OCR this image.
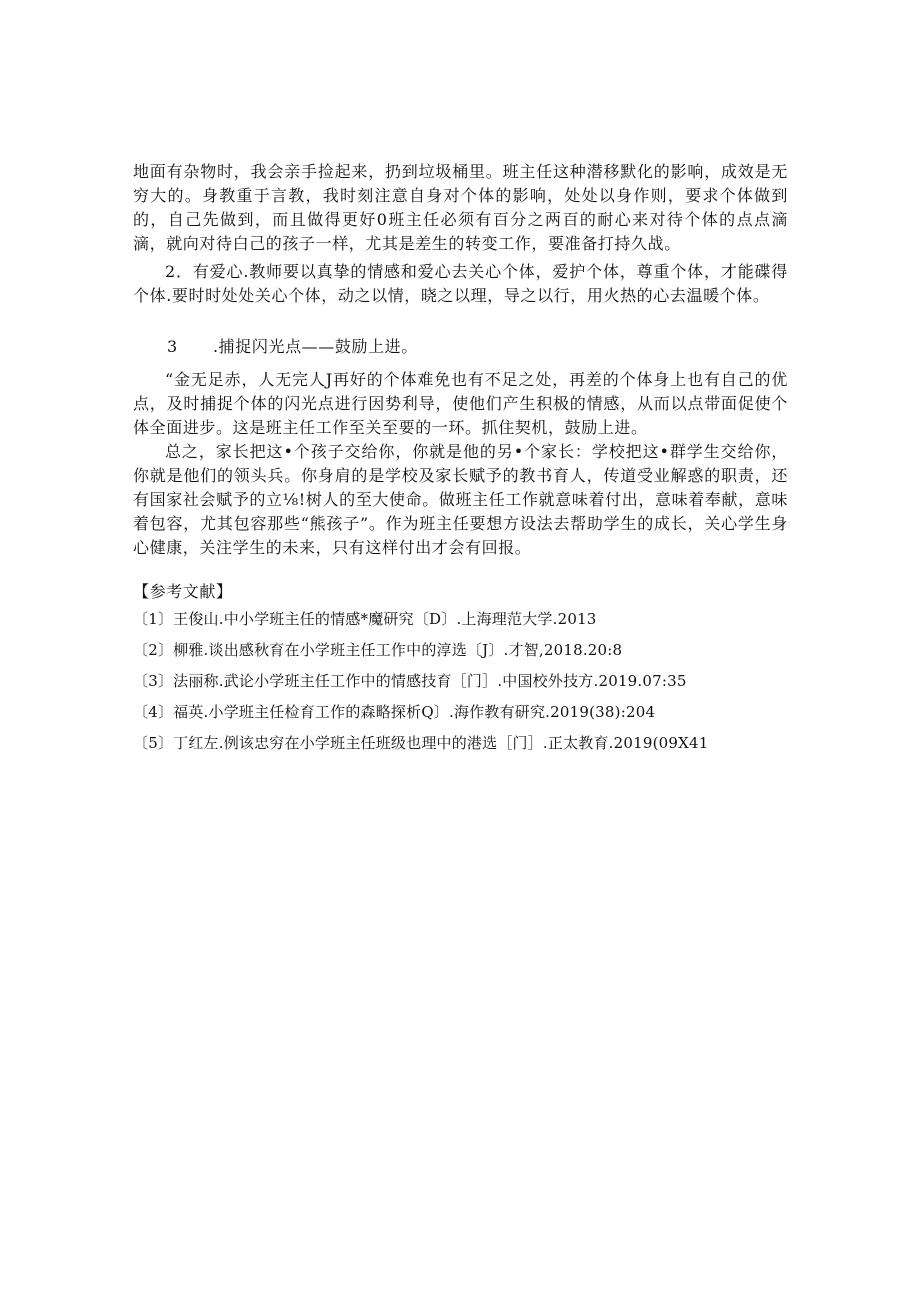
地面有杂物时，我会亲手捡起来，扔到垃圾桶里。班主任这种潜移默化的影响，成效是无穷大的。身教重于言教，我时刻注意自身对个体的影响，处处以身作则，要求个体做到的，自己先做到，而且做得更好0班主任必须有百分之两百的耐心来对待个体的点点滴滴，就向对待白己的孩子一样，尤其是差生的转变工作，要准备打持久战。

2．有爱心.教师要以真挚的情感和爱心去关心个体，爱护个体，尊重个体，才能碟得个体.要时时处处关心个体，动之以情，晓之以理，导之以行，用火热的心去温暖个体。

3 .捕捉闪光点——鼓励上进。

“金无足赤，人无完人J再好的个体难免也有不足之处，再差的个体身上也有自己的优点，及时捕捉个体的闪光点进行因势利导，使他们产生积极的情感，从而以点带面促使个体全面进步。这是班主任工作至关至要的一环。抓住契机，鼓励上进。

总之，家长把这•个孩子交给你，你就是他的另•个家长：学校把这•群学生交给你，你就是他们的领头兵。你身肩的是学校及家长赋予的教书育人，传道受业解惑的职责，还有国家社会赋予的立⅛!树人的至大使命。做班主任工作就意味着付出，意味着奉献，意味着包容，尤其包容那些“熊孩子”。作为班主任要想方设法去帮助学生的成长，关心学生身心健康，关注学生的未来，只有这样付出才会有回报。

【参考文献】
〔1〕王俊山.中小学班主任的情感*魔研究〔D〕.上海理范大学.2013
〔2〕柳雅.谈出感秋育在小学班主任工作中的淳选〔J〕.才智,2018.20:8
〔3〕法丽称.武论小学班主任工作中的情感技育［门］.中国校外技方.2019.07:35
〔4〕福英.小学班主任检育工作的森略探析Q〕.海作教有研究.2019(38):204
〔5〕丁红左.例该忠穷在小学班主任班级也理中的港选［门］.正太教育.2019(09X41
